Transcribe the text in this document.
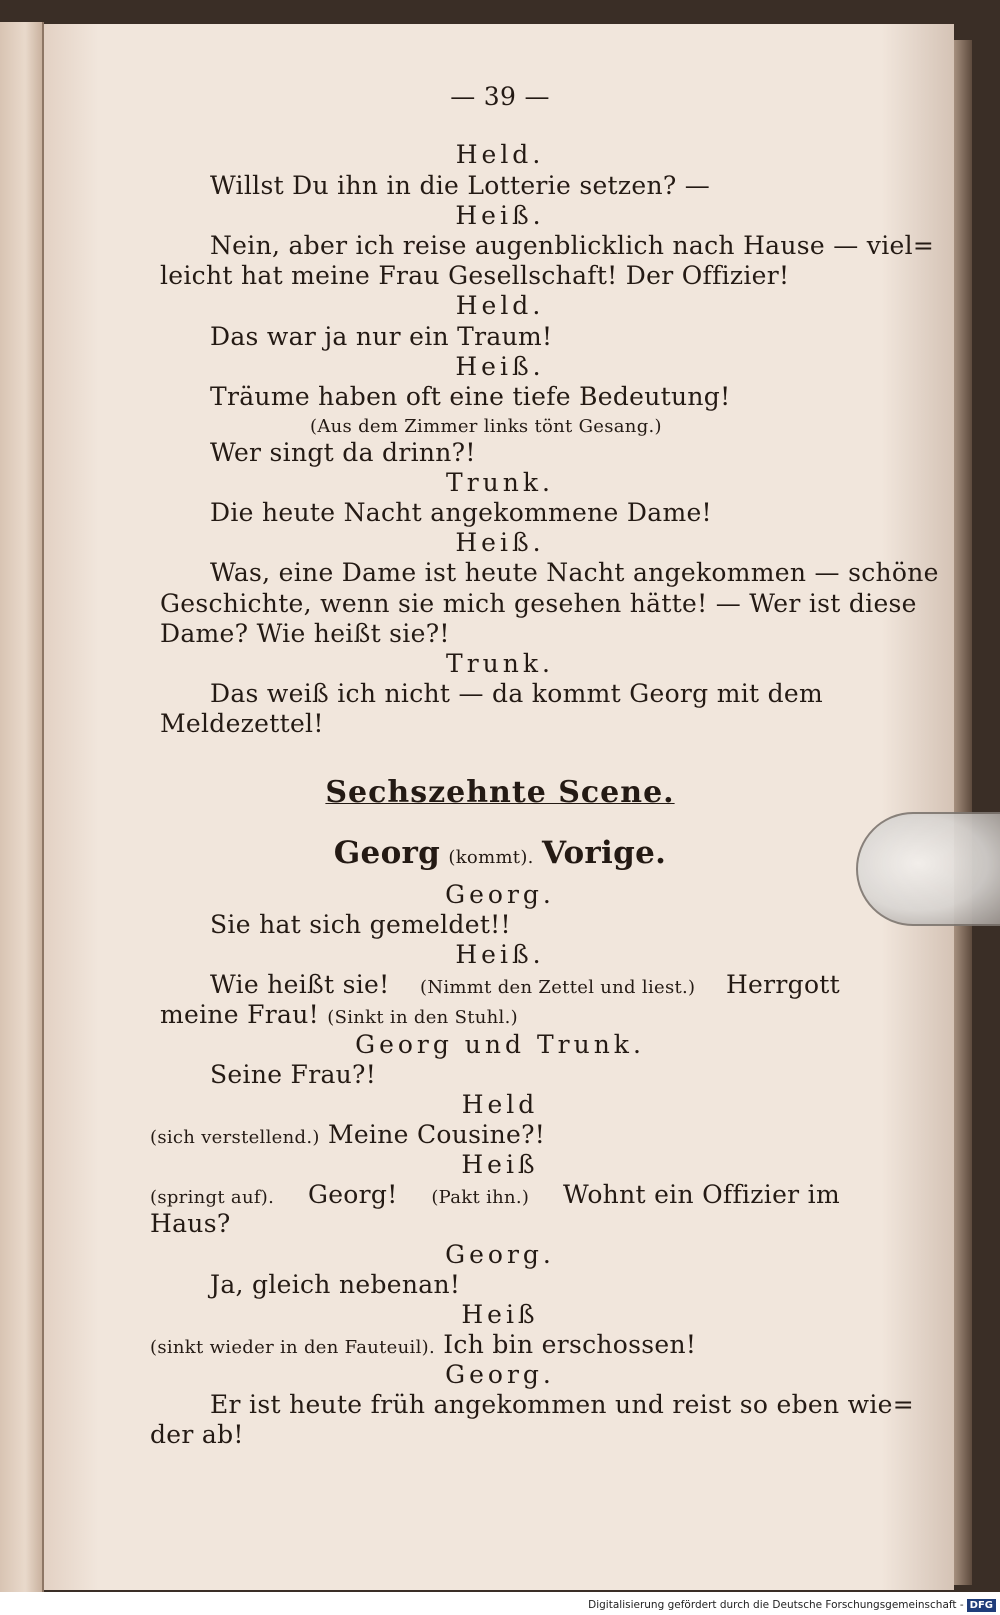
— 39 —
Held.
Willst Du ihn in die Lotterie setzen? —
Heiß.
Nein, aber ich reise augenblicklich nach Hause — viel=
leicht hat meine Frau Gesellschaft! Der Offizier!
Held.
Das war ja nur ein Traum!
Heiß.
Träume haben oft eine tiefe Bedeutung!
(Aus dem Zimmer links tönt Gesang.)
Wer singt da drinn?!
Trunk.
Die heute Nacht angekommene Dame!
Heiß.
Was, eine Dame ist heute Nacht angekommen — schöne
Geschichte, wenn sie mich gesehen hätte! — Wer ist diese
Dame? Wie heißt sie?!
Trunk.
Das weiß ich nicht — da kommt Georg mit dem
Meldezettel!
Sechszehnte Scene.
Georg (kommt). Vorige.
Georg.
Sie hat sich gemeldet!!
Heiß.
Wie heißt sie! (Nimmt den Zettel und liest.) Herrgott
meine Frau! (Sinkt in den Stuhl.)
Georg und Trunk.
Seine Frau?!
Held
(sich verstellend.) Meine Cousine?!
Heiß
(springt auf). Georg! (Pakt ihn.) Wohnt ein Offizier im
Haus?
Georg.
Ja, gleich nebenan!
Heiß
(sinkt wieder in den Fauteuil). Ich bin erschossen!
Georg.
Er ist heute früh angekommen und reist so eben wie=
der ab!
Digitalisierung gefördert durch die Deutsche Forschungsgemeinschaft - DFG
